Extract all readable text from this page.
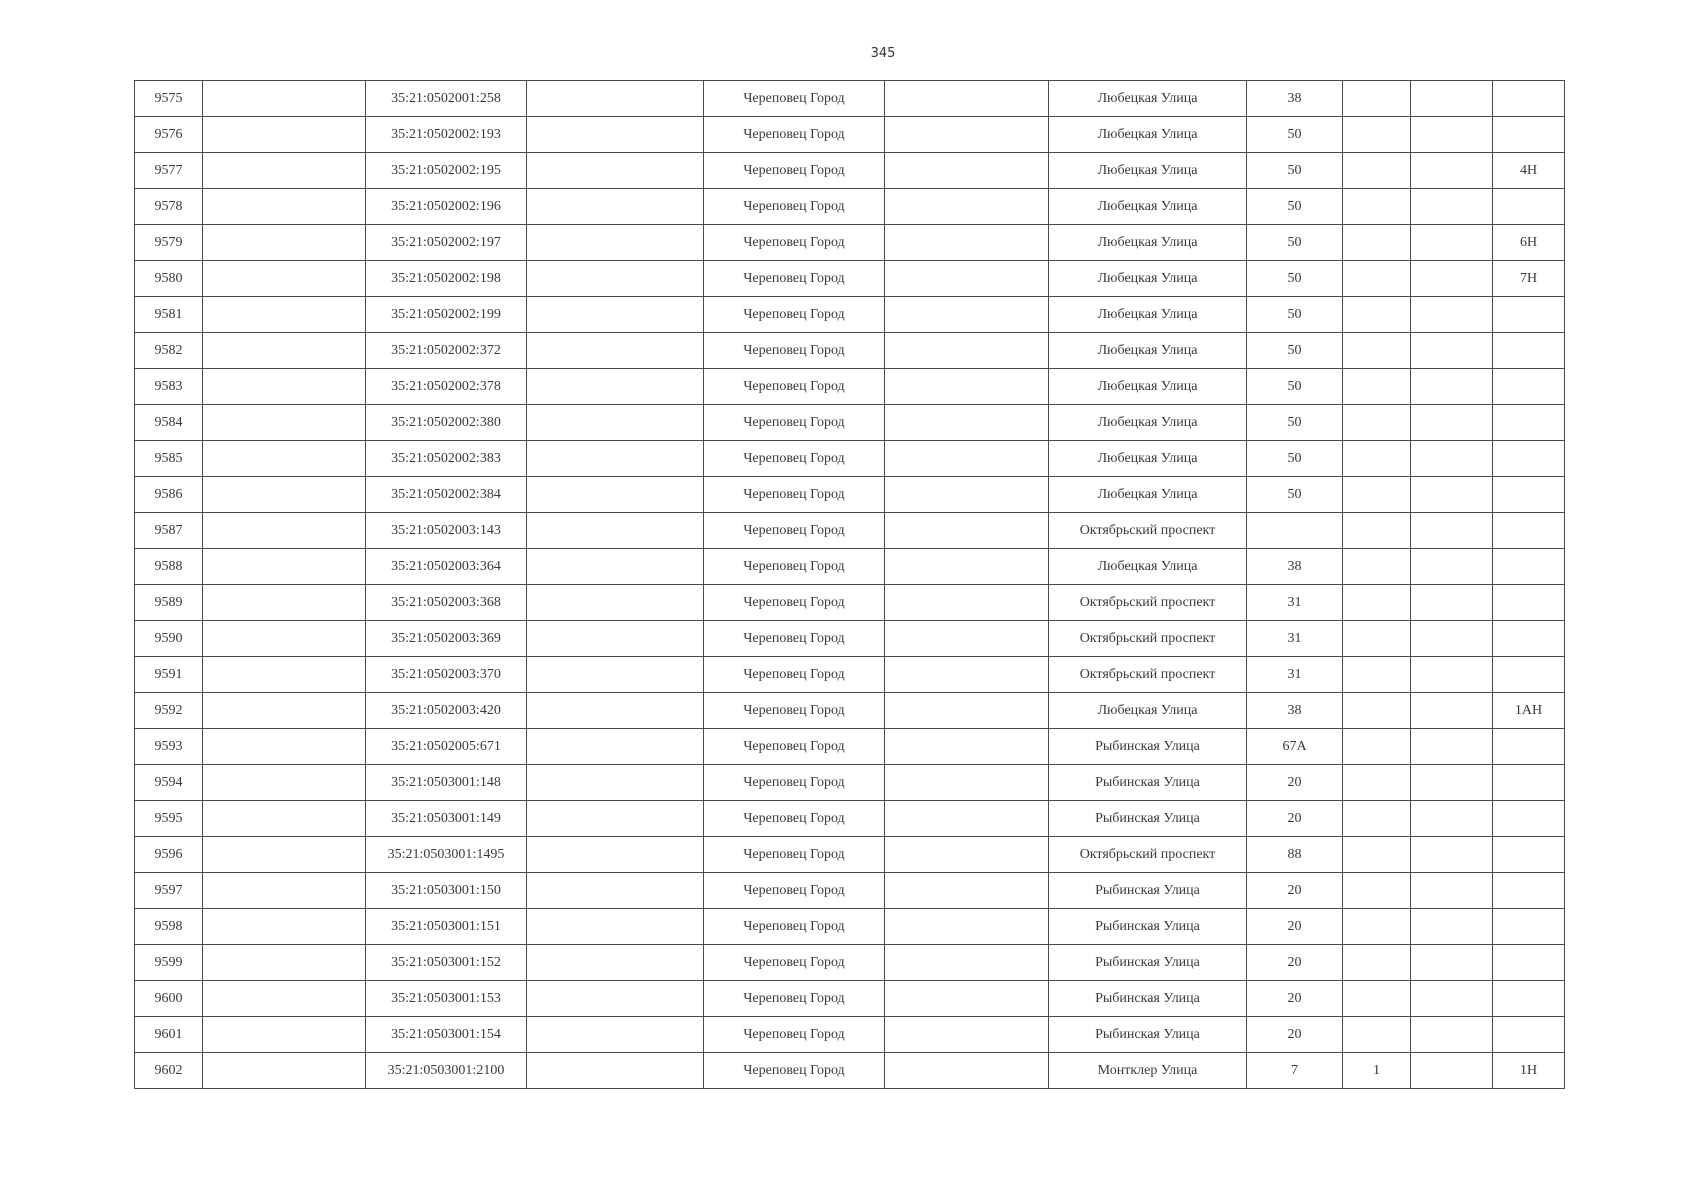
345
9575		35:21:0502001:258		Череповец Город		Любецкая Улица	38			
9576		35:21:0502002:193		Череповец Город		Любецкая Улица	50			
9577		35:21:0502002:195		Череповец Город		Любецкая Улица	50			4Н
9578		35:21:0502002:196		Череповец Город		Любецкая Улица	50			
9579		35:21:0502002:197		Череповец Город		Любецкая Улица	50			6Н
9580		35:21:0502002:198		Череповец Город		Любецкая Улица	50			7Н
9581		35:21:0502002:199		Череповец Город		Любецкая Улица	50			
9582		35:21:0502002:372		Череповец Город		Любецкая Улица	50			
9583		35:21:0502002:378		Череповец Город		Любецкая Улица	50			
9584		35:21:0502002:380		Череповец Город		Любецкая Улица	50			
9585		35:21:0502002:383		Череповец Город		Любецкая Улица	50			
9586		35:21:0502002:384		Череповец Город		Любецкая Улица	50			
9587		35:21:0502003:143		Череповец Город		Октябрьский проспект				
9588		35:21:0502003:364		Череповец Город		Любецкая Улица	38			
9589		35:21:0502003:368		Череповец Город		Октябрьский проспект	31			
9590		35:21:0502003:369		Череповец Город		Октябрьский проспект	31			
9591		35:21:0502003:370		Череповец Город		Октябрьский проспект	31			
9592		35:21:0502003:420		Череповец Город		Любецкая Улица	38			1АН
9593		35:21:0502005:671		Череповец Город		Рыбинская Улица	67А			
9594		35:21:0503001:148		Череповец Город		Рыбинская Улица	20			
9595		35:21:0503001:149		Череповец Город		Рыбинская Улица	20			
9596		35:21:0503001:1495		Череповец Город		Октябрьский проспект	88			
9597		35:21:0503001:150		Череповец Город		Рыбинская Улица	20			
9598		35:21:0503001:151		Череповец Город		Рыбинская Улица	20			
9599		35:21:0503001:152		Череповец Город		Рыбинская Улица	20			
9600		35:21:0503001:153		Череповец Город		Рыбинская Улица	20			
9601		35:21:0503001:154		Череповец Город		Рыбинская Улица	20			
9602		35:21:0503001:2100		Череповец Город		Монтклер Улица	7	1		1Н
